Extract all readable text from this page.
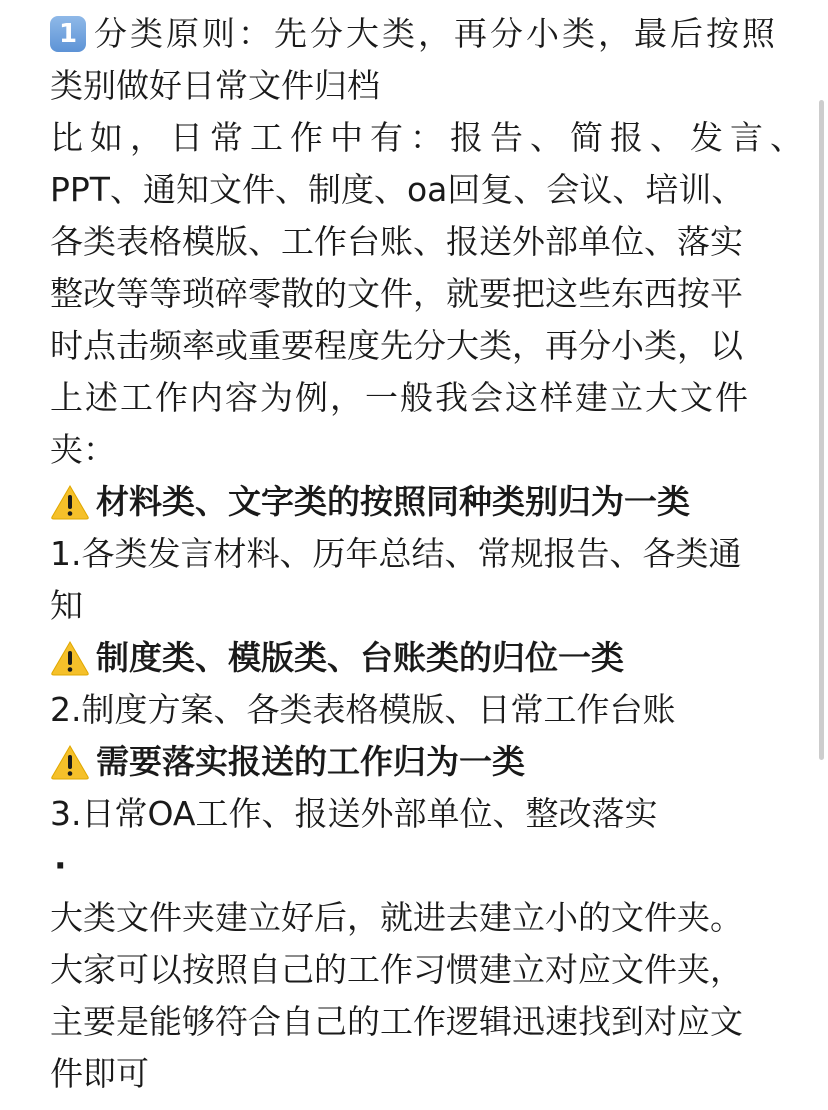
1 分类原则：先分大类，再分小类，最后按照
类别做好日常文件归档
比如，日常工作中有：报告、简报、发言、
PPT、通知文件、制度、oa回复、会议、培训、
各类表格模版、工作台账、报送外部单位、落实
整改等等琐碎零散的文件，就要把这些东西按平
时点击频率或重要程度先分大类，再分小类，以
上述工作内容为例，一般我会这样建立大文件
夹：
材料类、文字类的按照同种类别归为一类
1.各类发言材料、历年总结、常规报告、各类通
知
制度类、模版类、台账类的归位一类
2.制度方案、各类表格模版、日常工作台账
需要落实报送的工作归为一类
3.日常OA工作、报送外部单位、整改落实
·
大类文件夹建立好后，就进去建立小的文件夹。
大家可以按照自己的工作习惯建立对应文件夹，
主要是能够符合自己的工作逻辑迅速找到对应文
件即可
